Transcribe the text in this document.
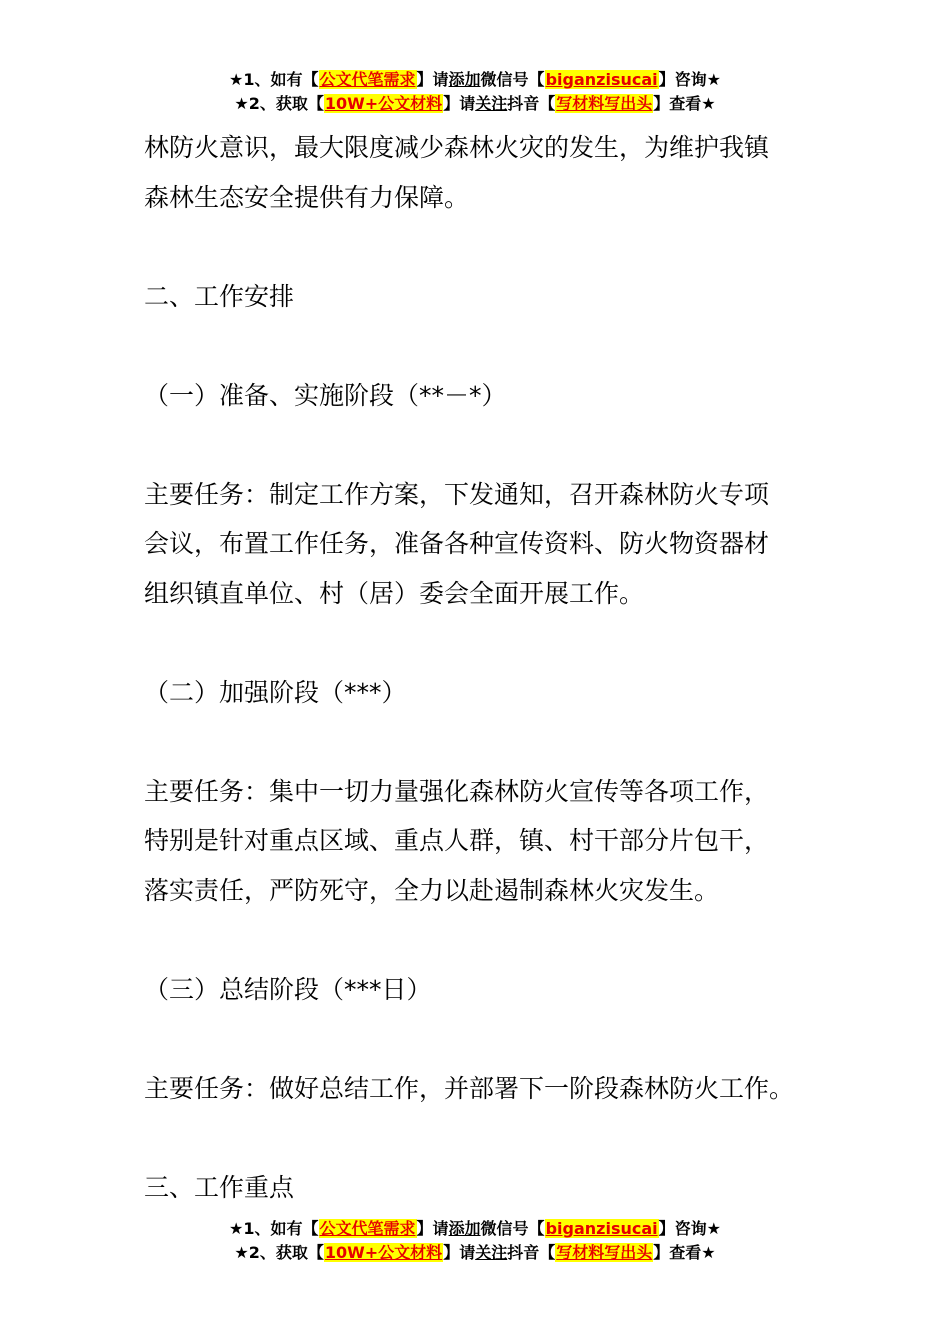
★1、如有【公文代笔需求】请添加微信号【biganzisucai】咨询★
★2、获取【10W+公文材料】请关注抖音【写材料写出头】查看★

林防火意识，最大限度减少森林火灾的发生，为维护我镇

森林生态安全提供有力保障。

二、工作安排

（一）准备、实施阶段（**－*）

主要任务：制定工作方案，下发通知，召开森林防火专项

会议，布置工作任务，准备各种宣传资料、防火物资器材

组织镇直单位、村（居）委会全面开展工作。

（二）加强阶段（***）

主要任务：集中一切力量强化森林防火宣传等各项工作，

特别是针对重点区域、重点人群，镇、村干部分片包干，

落实责任，严防死守，全力以赴遏制森林火灾发生。

（三）总结阶段（***日）

主要任务：做好总结工作，并部署下一阶段森林防火工作。

三、工作重点

★1、如有【公文代笔需求】请添加微信号【biganzisucai】咨询★
★2、获取【10W+公文材料】请关注抖音【写材料写出头】查看★
